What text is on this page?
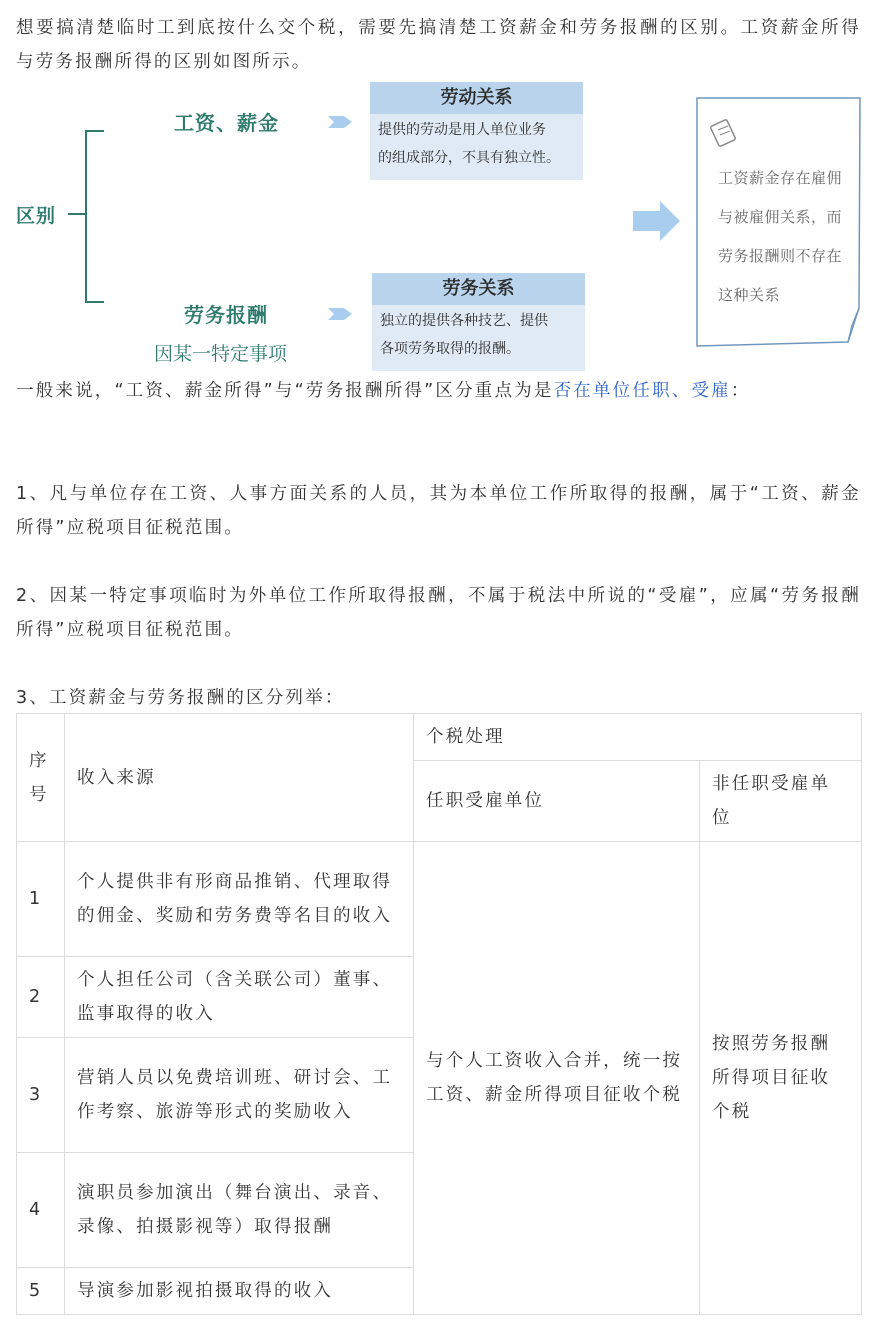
想要搞清楚临时工到底按什么交个税，需要先搞清楚工资薪金和劳务报酬的区别。工资薪金所得与劳务报酬所得的区别如图所示。

区别
工资、薪金
劳务报酬
因某一特定事项
劳动关系
提供的劳动是用人单位业务
的组成部分，不具有独立性。
劳务关系
独立的提供各种技艺、提供
各项劳务取得的报酬。
工资薪金存在雇佣
与被雇佣关系，而
劳务报酬则不存在
这种关系

一般来说，“工资、薪金所得”与“劳务报酬所得”区分重点为是否在单位任职、受雇：

1、凡与单位存在工资、人事方面关系的人员，其为本单位工作所取得的报酬，属于“工资、薪金所得”应税项目征税范围。

2、因某一特定事项临时为外单位工作所取得报酬，不属于税法中所说的“受雇”，应属“劳务报酬所得”应税项目征税范围。

3、工资薪金与劳务报酬的区分列举：

序号	收入来源	个税处理	
		任职受雇单位	非任职受雇单位
1	个人提供非有形商品推销、代理取得的佣金、奖励和劳务费等名目的收入	与个人工资收入合并，统一按工资、薪金所得项目征收个税	按照劳务报酬所得项目征收个税
2	个人担任公司（含关联公司）董事、监事取得的收入		
3	营销人员以免费培训班、研讨会、工作考察、旅游等形式的奖励收入		
4	演职员参加演出（舞台演出、录音、录像、拍摄影视等）取得报酬		
5	导演参加影视拍摄取得的收入		
